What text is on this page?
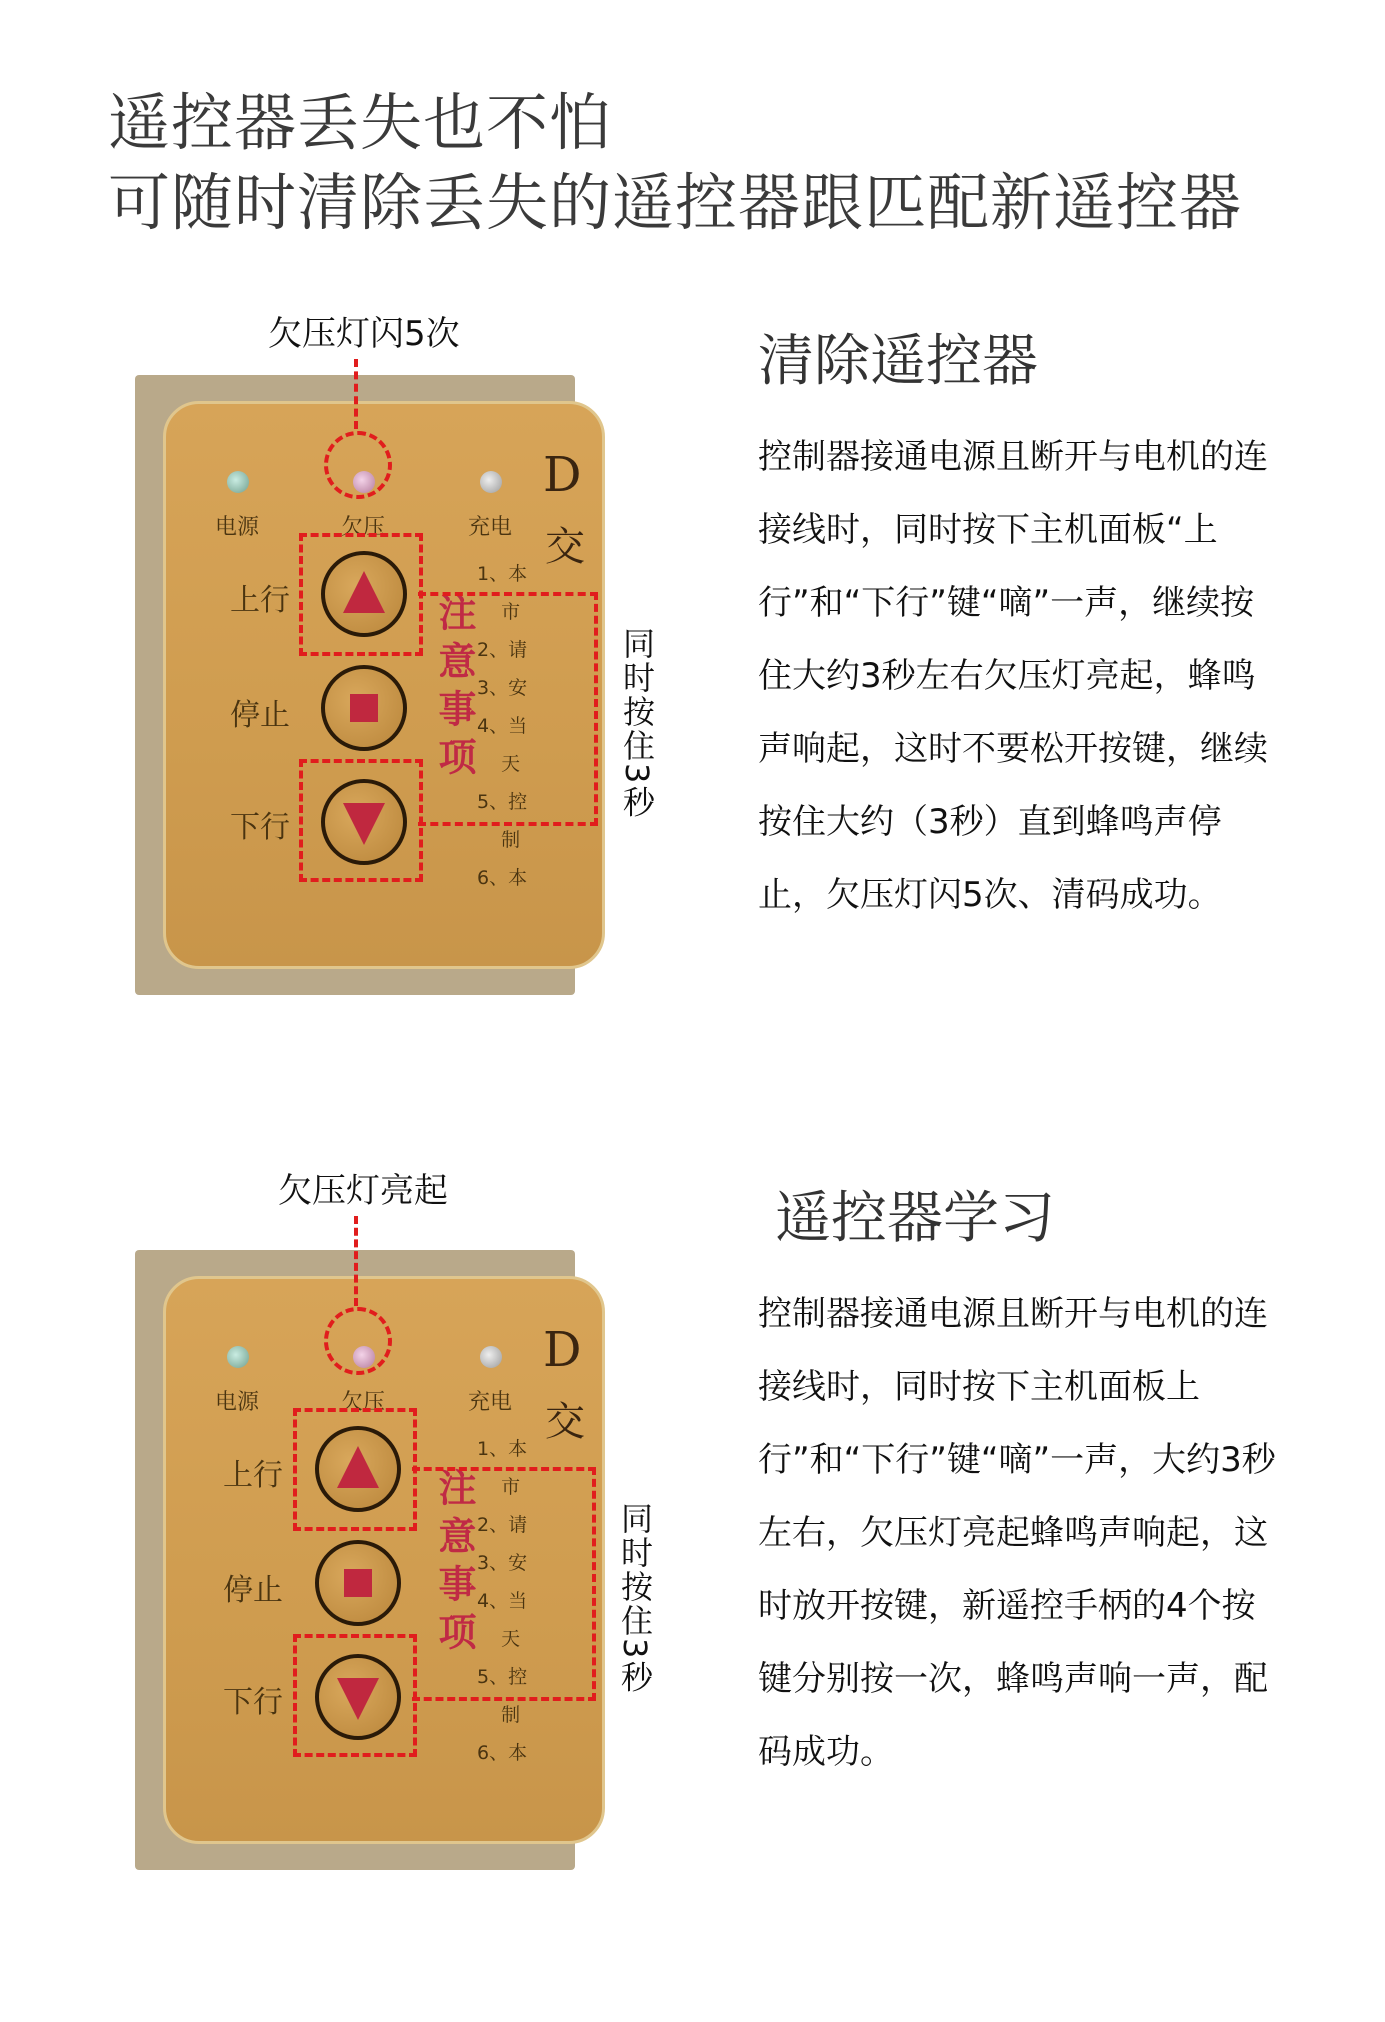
遥控器丢失也不怕
可随时清除丢失的遥控器跟匹配新遥控器
欠压灯闪5次
电源	欠压	充电
D
交
上行
停止
下行
注意事项
1、本
市
2、请
3、安
4、当
天
5、控
制
6、本
同时按住3秒
清除遥控器
控制器接通电源且断开与电机的连接线时，同时按下主机面板“上行”和“下行”键“嘀”一声，继续按住大约3秒左右欠压灯亮起，蜂鸣声响起，这时不要松开按键，继续按住大约（3秒）直到蜂鸣声停止，欠压灯闪5次、清码成功。
欠压灯亮起
电源	欠压	充电
D
交
上行
停止
下行
注意事项
1、本
市
2、请
3、安
4、当
天
5、控
制
6、本
同时按住3秒
遥控器学习
控制器接通电源且断开与电机的连接线时，同时按下主机面板上行”和“下行”键“嘀”一声，大约3秒左右，欠压灯亮起蜂鸣声响起，这时放开按键，新遥控手柄的4个按键分别按一次，蜂鸣声响一声，配码成功。
